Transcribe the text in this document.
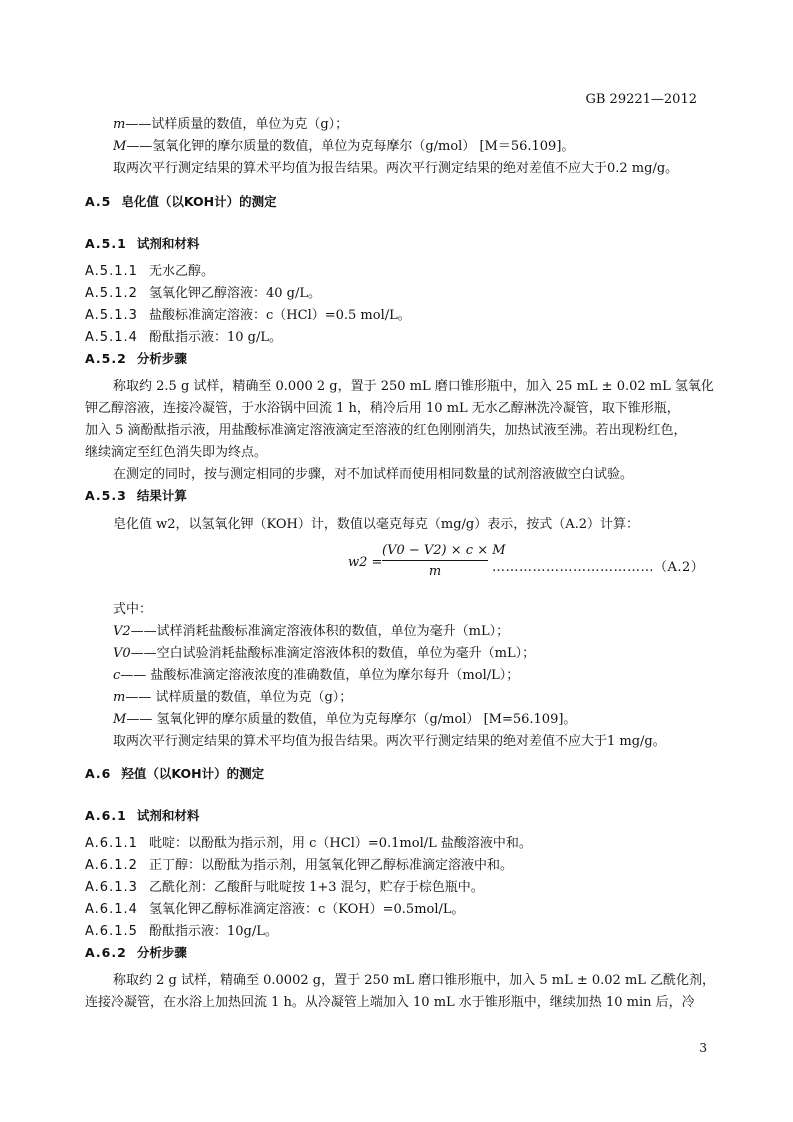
GB 29221—2012
m——试样质量的数值，单位为克（g）；
M——氢氧化钾的摩尔质量的数值，单位为克每摩尔（g/mol） [M＝56.109]。
取两次平行测定结果的算术平均值为报告结果。两次平行测定结果的绝对差值不应大于0.2 mg/g。
A.5 皂化值（以KOH计）的测定
A.5.1 试剂和材料
A.5.1.1 无水乙醇。
A.5.1.2 氢氧化钾乙醇溶液：40 g/L。
A.5.1.3 盐酸标准滴定溶液：c（HCl）=0.5 mol/L。
A.5.1.4 酚酞指示液：10 g/L。
A.5.2 分析步骤
称取约 2.5 g 试样，精确至 0.000 2 g，置于 250 mL 磨口锥形瓶中，加入 25 mL ± 0.02 mL 氢氧化
钾乙醇溶液，连接冷凝管，于水浴锅中回流 1 h，稍冷后用 10 mL 无水乙醇淋洗冷凝管，取下锥形瓶，
加入 5 滴酚酞指示液，用盐酸标准滴定溶液滴定至溶液的红色刚刚消失，加热试液至沸。若出现粉红色，
继续滴定至红色消失即为终点。
在测定的同时，按与测定相同的步骤，对不加试样而使用相同数量的试剂溶液做空白试验。
A.5.3 结果计算
皂化值 w2，以氢氧化钾（KOH）计，数值以毫克每克（mg/g）表示，按式（A.2）计算：
w2 =
(V0 − V2) × c × M
m	………………………………（A.2）
式中：
V2——试样消耗盐酸标准滴定溶液体积的数值，单位为毫升（mL）；
V0——空白试验消耗盐酸标准滴定溶液体积的数值，单位为毫升（mL）；
c—— 盐酸标准滴定溶液浓度的准确数值，单位为摩尔每升（mol/L）；
m—— 试样质量的数值，单位为克（g）；
M—— 氢氧化钾的摩尔质量的数值，单位为克每摩尔（g/mol） [M=56.109]。
取两次平行测定结果的算术平均值为报告结果。两次平行测定结果的绝对差值不应大于1 mg/g。
A.6 羟值（以KOH计）的测定
A.6.1 试剂和材料
A.6.1.1 吡啶：以酚酞为指示剂，用 c（HCl）=0.1mol/L 盐酸溶液中和。
A.6.1.2 正丁醇：以酚酞为指示剂，用氢氧化钾乙醇标准滴定溶液中和。
A.6.1.3 乙酰化剂：乙酸酐与吡啶按 1+3 混匀，贮存于棕色瓶中。
A.6.1.4 氢氧化钾乙醇标准滴定溶液：c（KOH）=0.5mol/L。
A.6.1.5 酚酞指示液：10g/L。
A.6.2 分析步骤
称取约 2 g 试样，精确至 0.0002 g，置于 250 mL 磨口锥形瓶中，加入 5 mL ± 0.02 mL 乙酰化剂，
连接冷凝管，在水浴上加热回流 1 h。从冷凝管上端加入 10 mL 水于锥形瓶中，继续加热 10 min 后，冷
3
